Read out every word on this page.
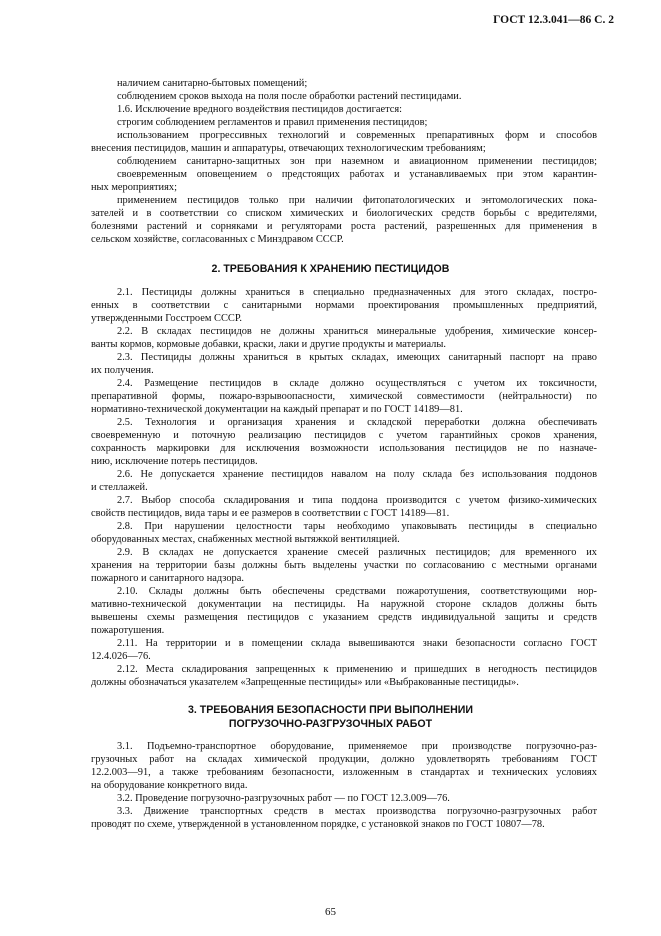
ГОСТ 12.3.041—86 С. 2
наличием санитарно-бытовых помещений;
соблюдением сроков выхода на поля после обработки растений пестицидами.
1.6. Исключение вредного воздействия пестицидов достигается:
строгим соблюдением регламентов и правил применения пестицидов;
использованием прогрессивных технологий и современных препаративных форм и способов
внесения пестицидов, машин и аппаратуры, отвечающих технологическим требованиям;
соблюдением санитарно-защитных зон при наземном и авиационном применении пестицидов;
своевременным оповещением о предстоящих работах и устанавливаемых при этом карантин-
ных мероприятиях;
применением пестицидов только при наличии фитопатологических и энтомологических пока-
зателей и в соответствии со списком химических и биологических средств борьбы с вредителями,
болезнями растений и сорняками и регуляторами роста растений, разрешенных для применения в
сельском хозяйстве, согласованных с Минздравом СССР.
2. ТРЕБОВАНИЯ К ХРАНЕНИЮ ПЕСТИЦИДОВ
2.1. Пестициды должны храниться в специально предназначенных для этого складах, постро-
енных в соответствии с санитарными нормами проектирования промышленных предприятий,
утвержденными Госстроем СССР.
2.2. В складах пестицидов не должны храниться минеральные удобрения, химические консер-
ванты кормов, кормовые добавки, краски, лаки и другие продукты и материалы.
2.3. Пестициды должны храниться в крытых складах, имеющих санитарный паспорт на право
их получения.
2.4. Размещение пестицидов в складе должно осуществляться с учетом их токсичности,
препаративной формы, пожаро-взрывоопасности, химической совместимости (нейтральности) по
нормативно-технической документации на каждый препарат и по ГОСТ 14189—81.
2.5. Технология и организация хранения и складской переработки должна обеспечивать
своевременную и поточную реализацию пестицидов с учетом гарантийных сроков хранения,
сохранность маркировки для исключения возможности использования пестицидов не по назначе-
нию, исключение потерь пестицидов.
2.6. Не допускается хранение пестицидов навалом на полу склада без использования поддонов
и стеллажей.
2.7. Выбор способа складирования и типа поддона производится с учетом физико-химических
свойств пестицидов, вида тары и ее размеров в соответствии с ГОСТ 14189—81.
2.8. При нарушении целостности тары необходимо упаковывать пестициды в специально
оборудованных местах, снабженных местной вытяжкой вентиляцией.
2.9. В складах не допускается хранение смесей различных пестицидов; для временного их
хранения на территории базы должны быть выделены участки по согласованию с местными органами
пожарного и санитарного надзора.
2.10. Склады должны быть обеспечены средствами пожаротушения, соответствующими нор-
мативно-технической документации на пестициды. На наружной стороне складов должны быть
вывешены схемы размещения пестицидов с указанием средств индивидуальной защиты и средств
пожаротушения.
2.11. На территории и в помещении склада вывешиваются знаки безопасности согласно ГОСТ
12.4.026—76.
2.12. Места складирования запрещенных к применению и пришедших в негодность пестицидов
должны обозначаться указателем «Запрещенные пестициды» или «Выбракованные пестициды».
3. ТРЕБОВАНИЯ БЕЗОПАСНОСТИ ПРИ ВЫПОЛНЕНИИ
ПОГРУЗОЧНО-РАЗГРУЗОЧНЫХ РАБОТ
3.1. Подъемно-транспортное оборудование, применяемое при производстве погрузочно-раз-
грузочных работ на складах химической продукции, должно удовлетворять требованиям ГОСТ
12.2.003—91, а также требованиям безопасности, изложенным в стандартах и технических условиях
на оборудование конкретного вида.
3.2. Проведение погрузочно-разгрузочных работ — по ГОСТ 12.3.009—76.
3.3. Движение транспортных средств в местах производства погрузочно-разгрузочных работ
проводят по схеме, утвержденной в установленном порядке, с установкой знаков по ГОСТ 10807—78.
65
